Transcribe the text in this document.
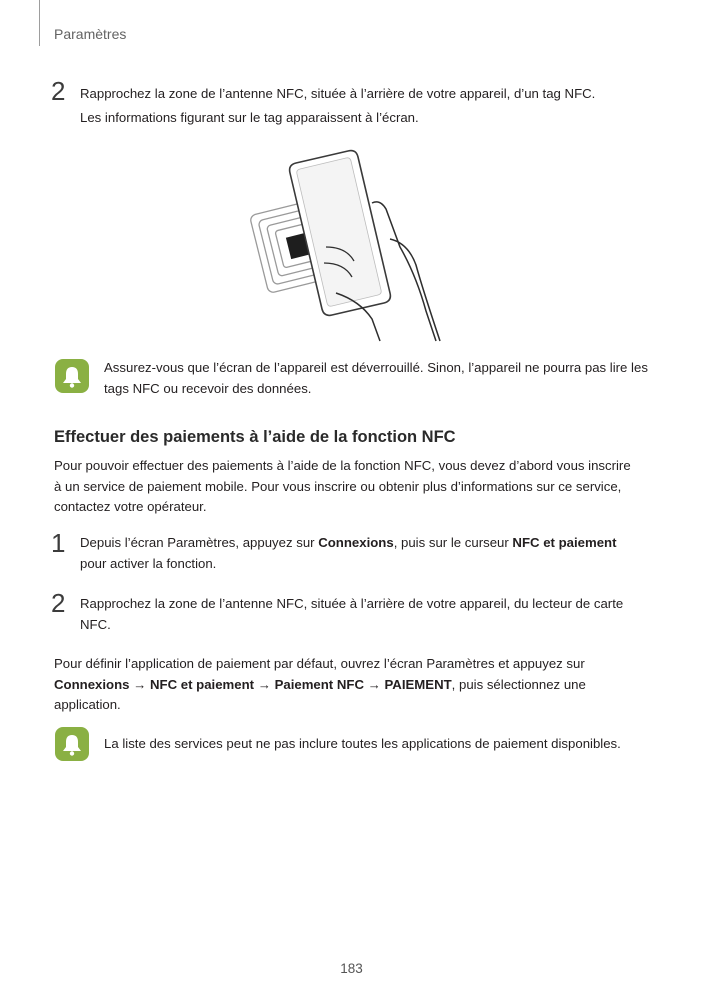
Paramètres
2 Rapprochez la zone de l’antenne NFC, située à l’arrière de votre appareil, d’un tag NFC.
Les informations figurant sur le tag apparaissent à l’écran.
Assurez-vous que l’écran de l’appareil est déverrouillé. Sinon, l’appareil ne pourra pas lire les tags NFC ou recevoir des données.
Effectuer des paiements à l’aide de la fonction NFC
Pour pouvoir effectuer des paiements à l’aide de la fonction NFC, vous devez d’abord vous inscrire à un service de paiement mobile. Pour vous inscrire ou obtenir plus d’informations sur ce service, contactez votre opérateur.
1 Depuis l’écran Paramètres, appuyez sur Connexions, puis sur le curseur NFC et paiement pour activer la fonction.
2 Rapprochez la zone de l’antenne NFC, située à l’arrière de votre appareil, du lecteur de carte NFC.
Pour définir l’application de paiement par défaut, ouvrez l’écran Paramètres et appuyez sur Connexions → NFC et paiement → Paiement NFC → PAIEMENT, puis sélectionnez une application.
La liste des services peut ne pas inclure toutes les applications de paiement disponibles.
183
